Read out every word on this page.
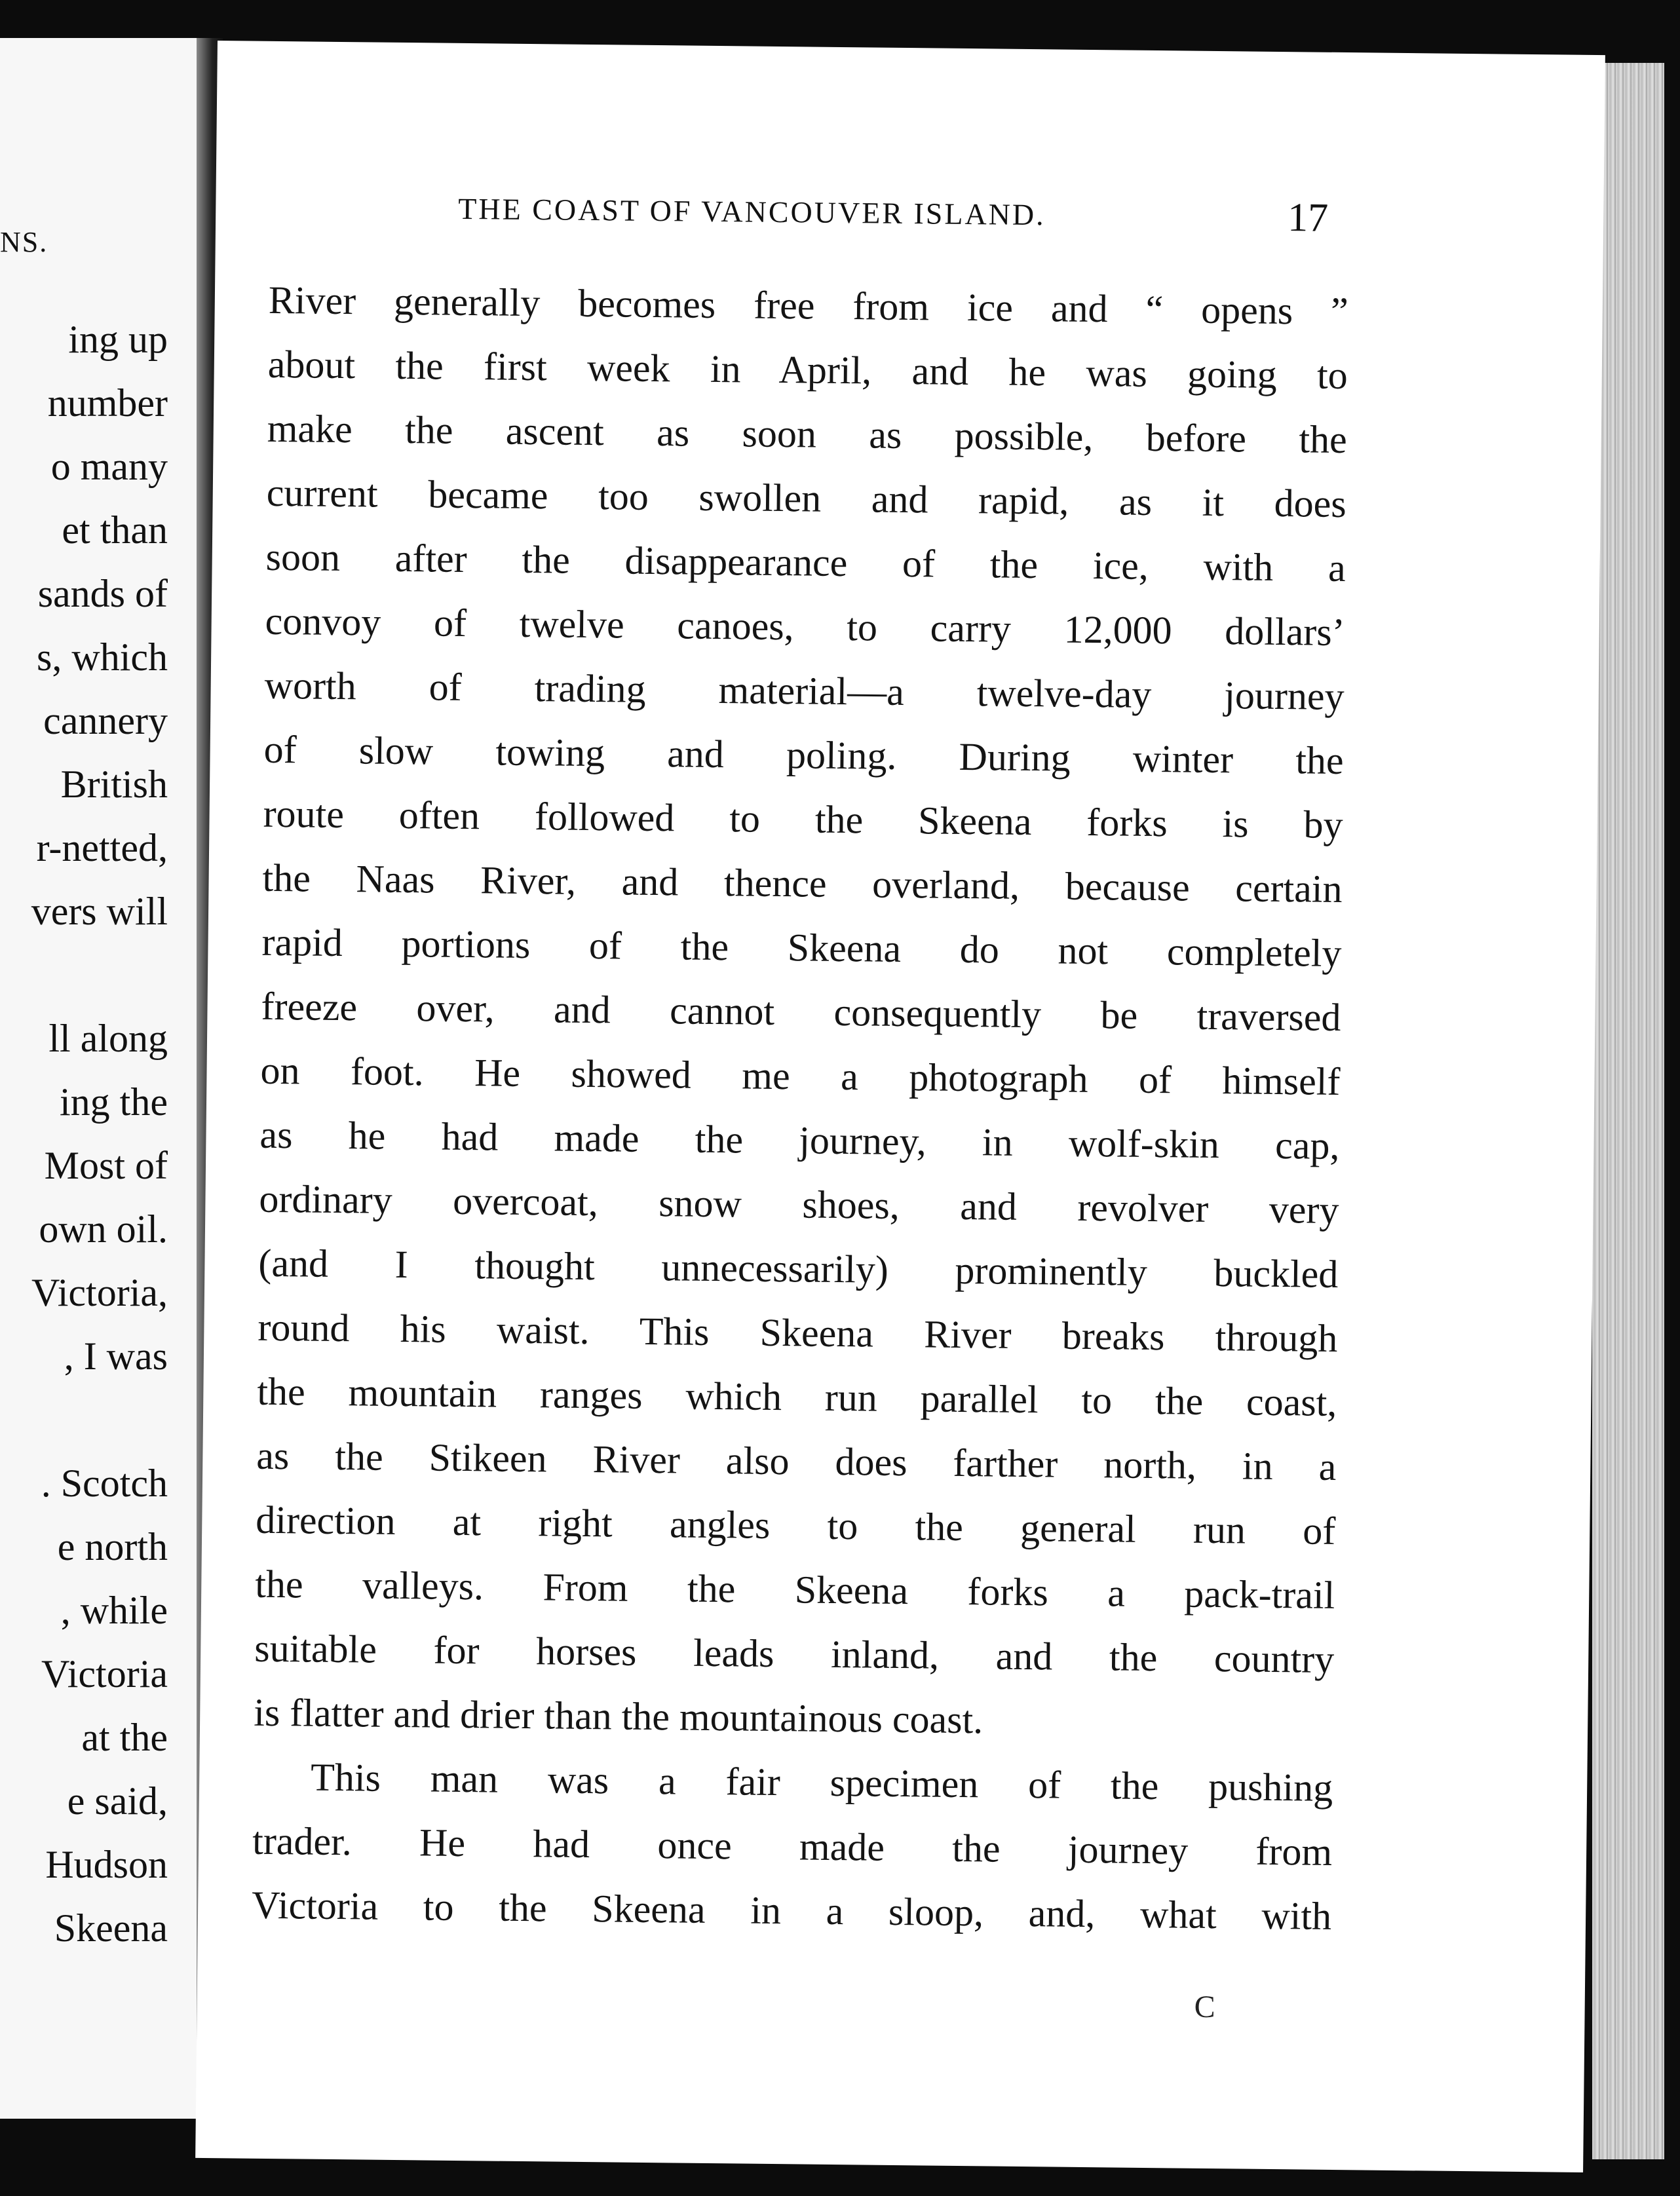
NS.
ing up
number
o many
et than
sands of
s, which
cannery
British
r-netted,
vers will
ll along
ing the
Most of
own oil.
Victoria,
, I was
. Scotch
e north
, while
Victoria
at the
e said,
Hudson
Skeena
THE COAST OF VANCOUVER ISLAND.	17
River generally becomes free from ice and “ opens ”
about the first week in April, and he was going to
make the ascent as soon as possible, before the
current became too swollen and rapid, as it does
soon after the disappearance of the ice, with a
convoy of twelve canoes, to carry 12,000 dollars’
worth of trading material—a twelve-day journey
of slow towing and poling. During winter the
route often followed to the Skeena forks is by
the Naas River, and thence overland, because certain
rapid portions of the Skeena do not completely
freeze over, and cannot consequently be traversed
on foot. He showed me a photograph of himself
as he had made the journey, in wolf-skin cap,
ordinary overcoat, snow shoes, and revolver very
(and I thought unnecessarily) prominently buckled
round his waist. This Skeena River breaks through
the mountain ranges which run parallel to the coast,
as the Stikeen River also does farther north, in a
direction at right angles to the general run of
the valleys. From the Skeena forks a pack-trail
suitable for horses leads inland, and the country
is flatter and drier than the mountainous coast.
This man was a fair specimen of the pushing
trader. He had once made the journey from
Victoria to the Skeena in a sloop, and, what with
C
